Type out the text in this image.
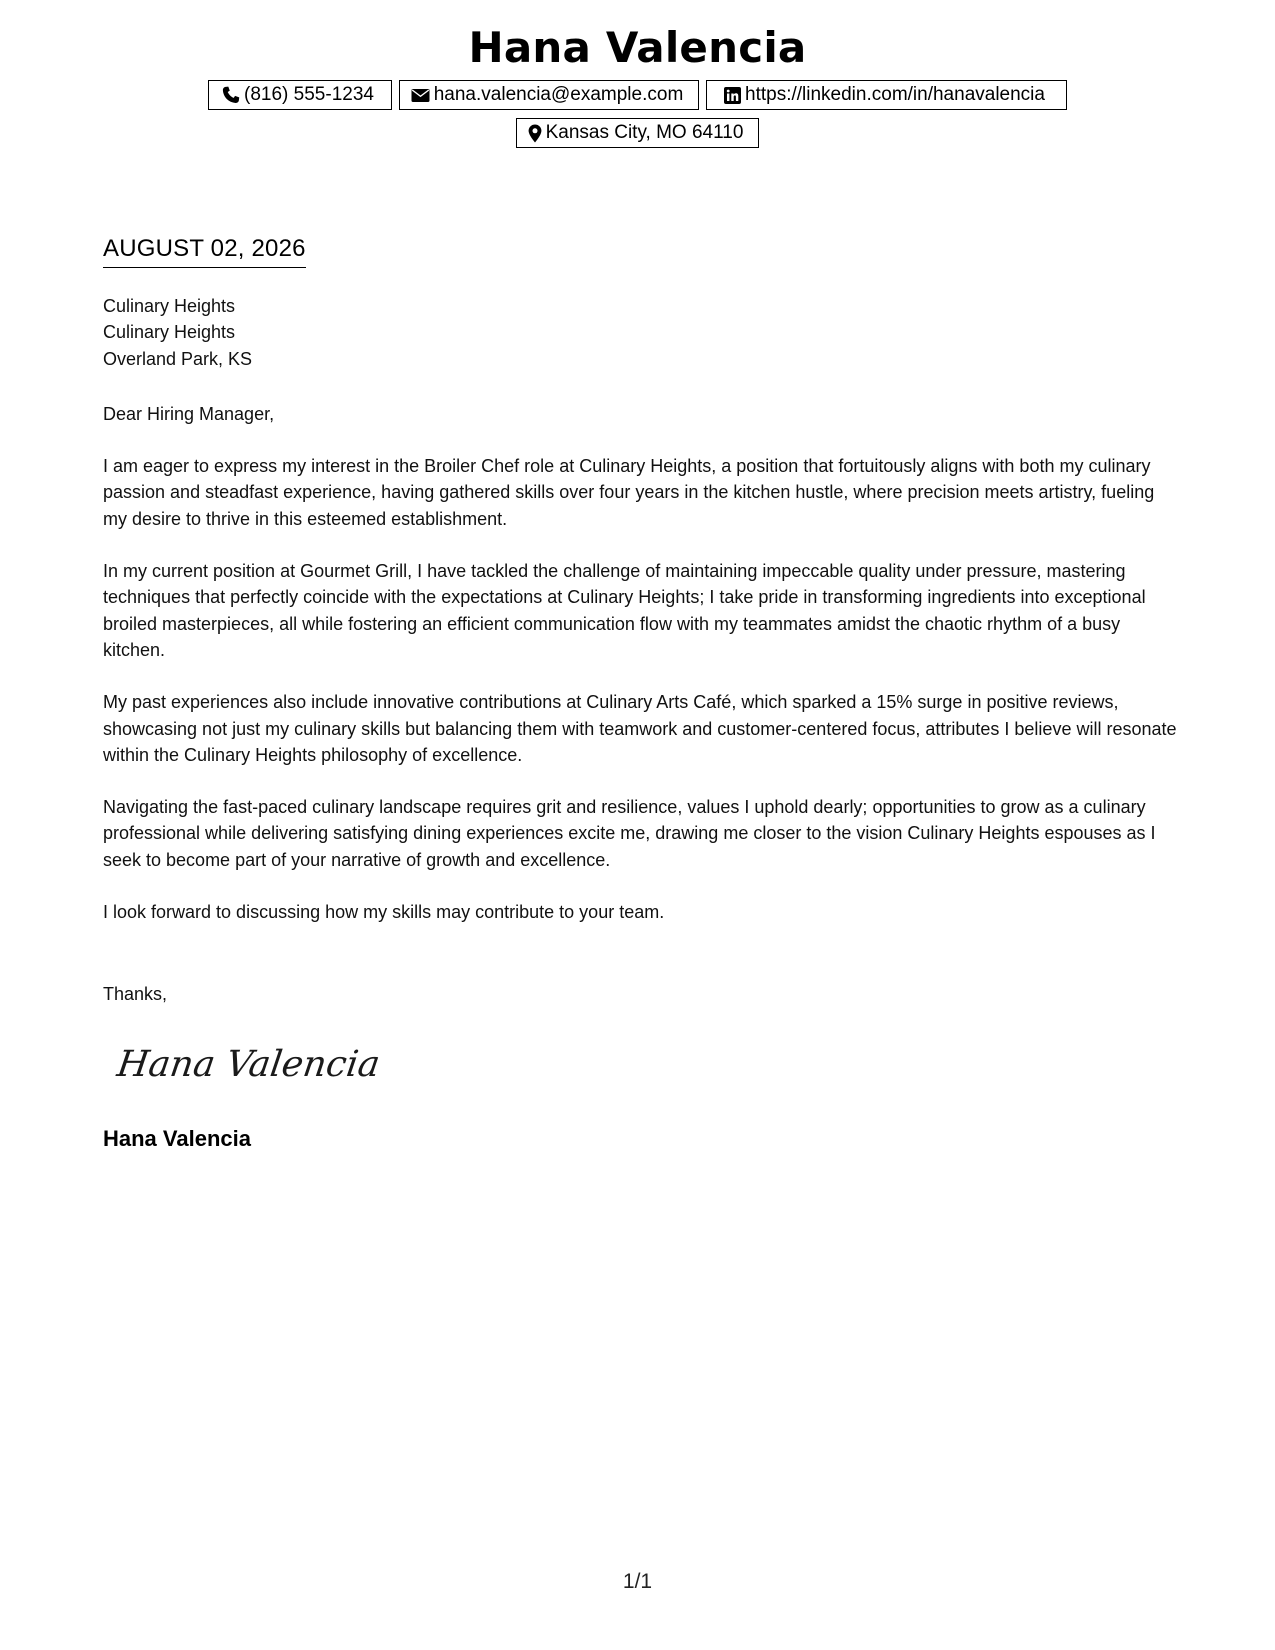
Hana Valencia
(816) 555-1234	hana.valencia@example.com	https://linkedin.com/in/hanavalencia
Kansas City, MO 64110
AUGUST 02, 2026
Culinary Heights
Culinary Heights
Overland Park, KS

Dear Hiring Manager,

I am eager to express my interest in the Broiler Chef role at Culinary Heights, a position that fortuitously aligns with both my culinary passion and steadfast experience, having gathered skills over four years in the kitchen hustle, where precision meets artistry, fueling my desire to thrive in this esteemed establishment.

In my current position at Gourmet Grill, I have tackled the challenge of maintaining impeccable quality under pressure, mastering techniques that perfectly coincide with the expectations at Culinary Heights; I take pride in transforming ingredients into exceptional broiled masterpieces, all while fostering an efficient communication flow with my teammates amidst the chaotic rhythm of a busy kitchen.

My past experiences also include innovative contributions at Culinary Arts Café, which sparked a 15% surge in positive reviews, showcasing not just my culinary skills but balancing them with teamwork and customer-centered focus, attributes I believe will resonate within the Culinary Heights philosophy of excellence.

Navigating the fast-paced culinary landscape requires grit and resilience, values I uphold dearly; opportunities to grow as a culinary professional while delivering satisfying dining experiences excite me, drawing me closer to the vision Culinary Heights espouses as I seek to become part of your narrative of growth and excellence.

I look forward to discussing how my skills may contribute to your team.

Thanks,
Hana Valencia
Hana Valencia
1/1
